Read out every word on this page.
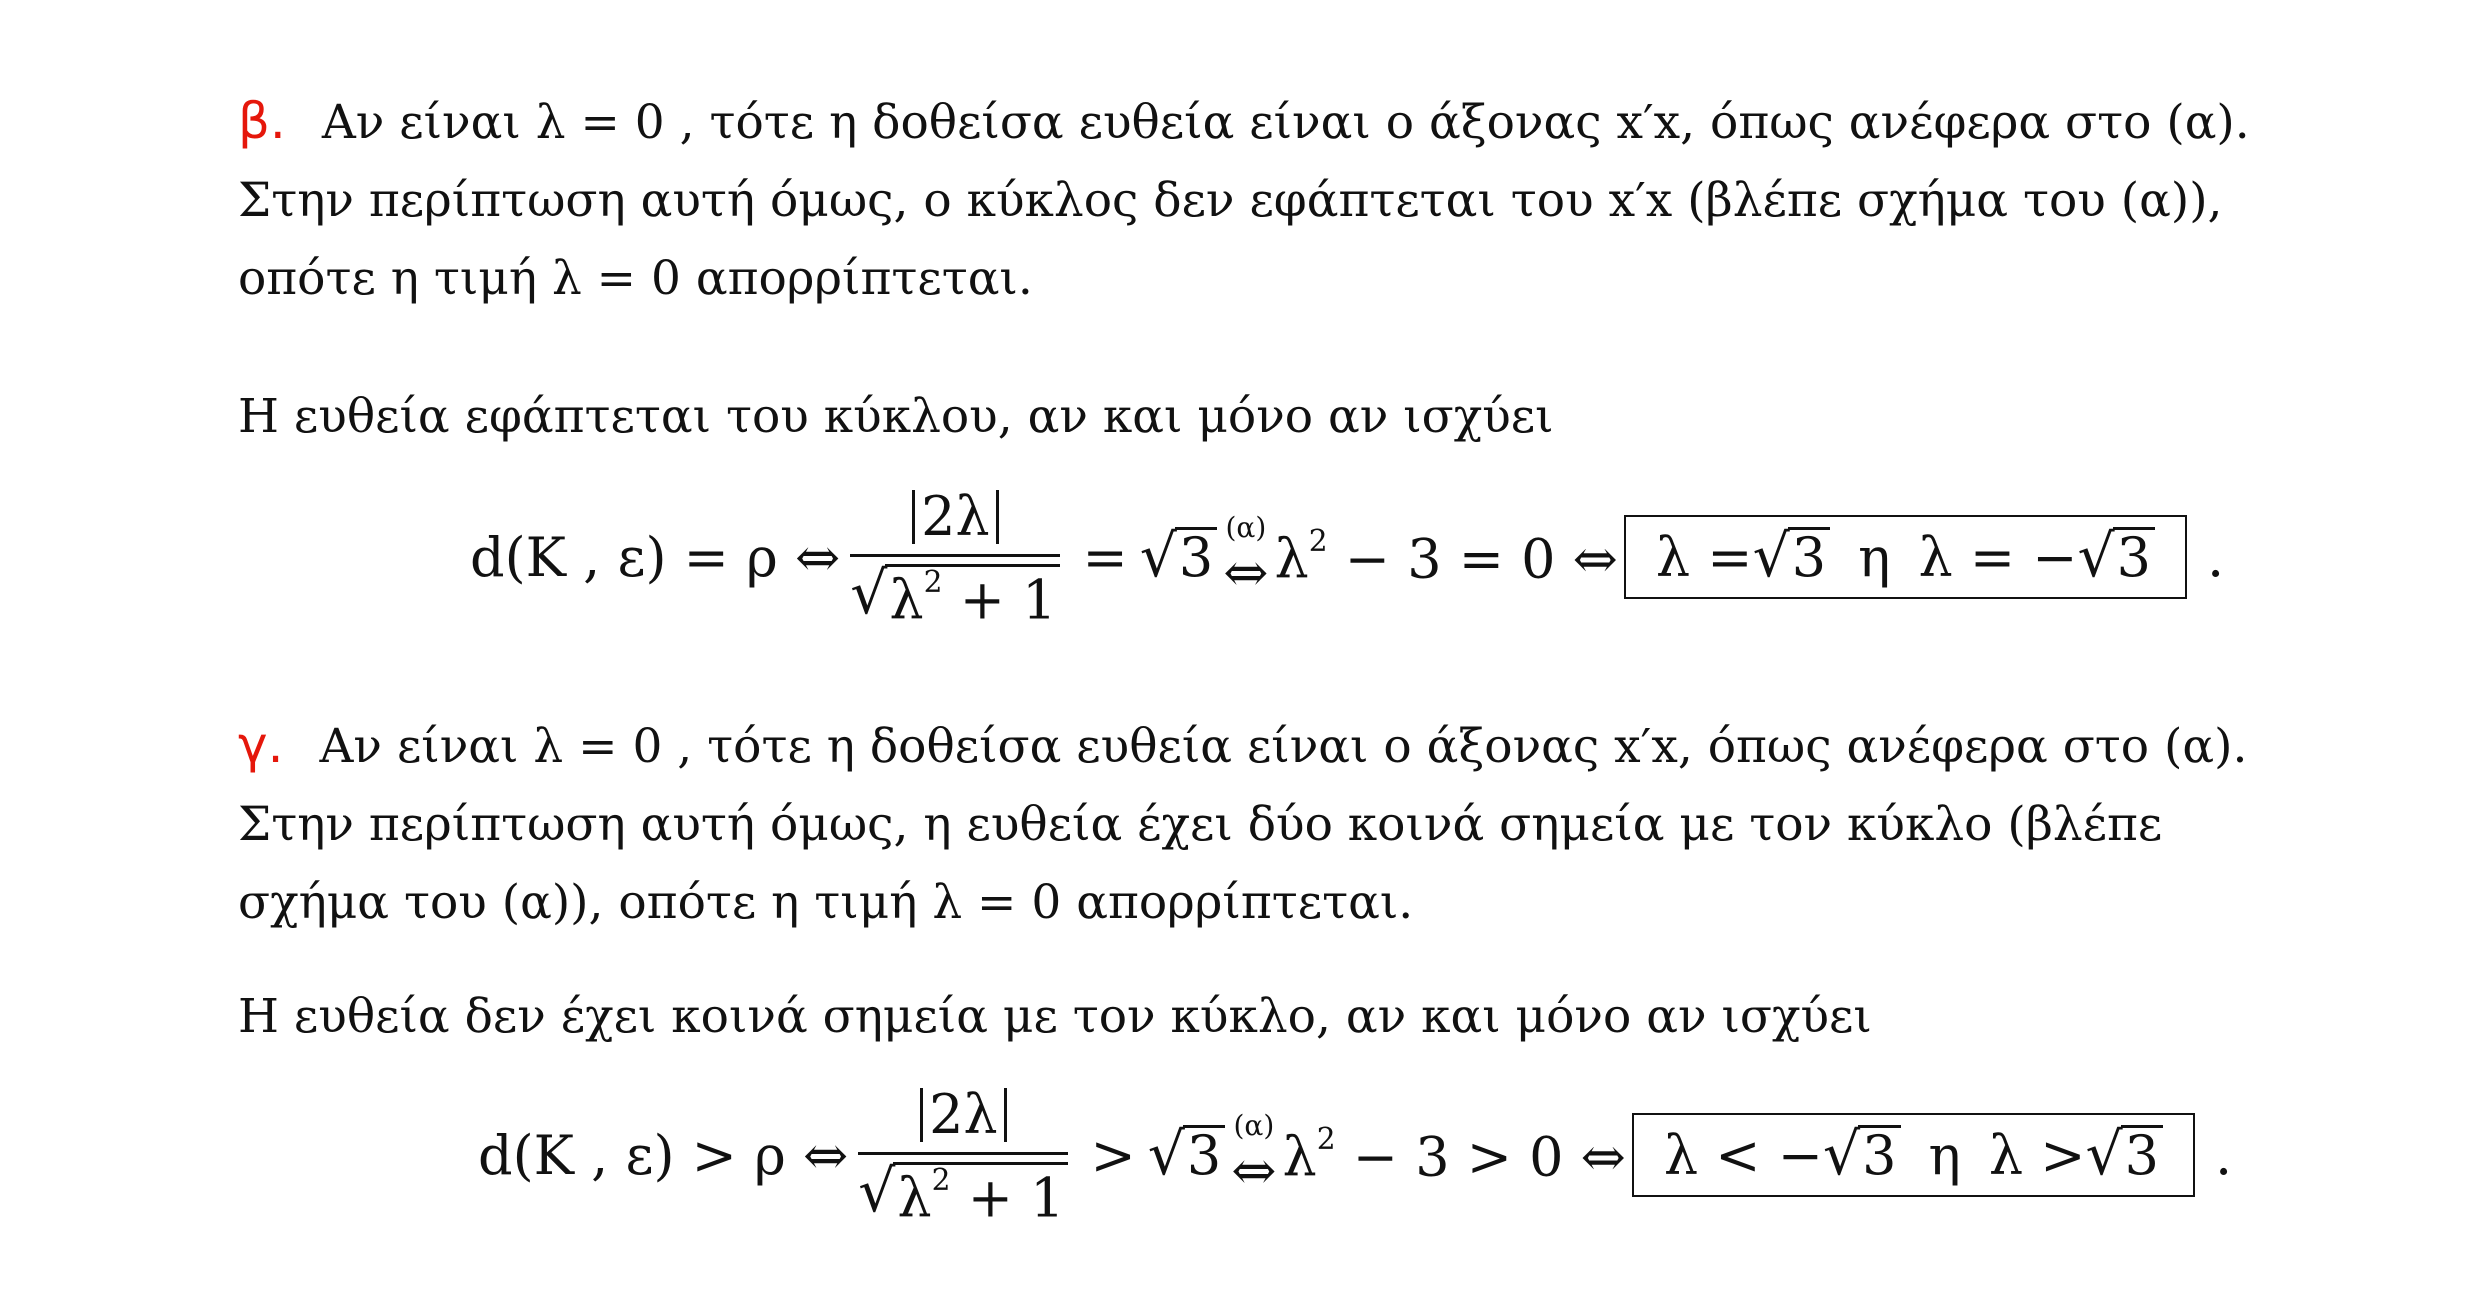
β. Αν είναι λ = 0 , τότε η δοθείσα ευθεία είναι ο άξονας x′x, όπως ανέφερα στο (α).
Στην περίπτωση αυτή όμως, ο κύκλος δεν εφάπτεται του x′x (βλέπε σχήμα του (α)),
οπότε η τιμή λ = 0 απορρίπτεται.
Η ευθεία εφάπτεται του κύκλου, αν και μόνο αν ισχύει
d(K , ε) = ρ ⇔ $\frac{2\lambda}{√ \lambda^2 + 1}$ = √ 3 (α)
⇔ $\lambda^2 - 3 = 0$ ⇔ λ = √ 3 η λ = − √ 3 .
γ. Αν είναι λ = 0 , τότε η δοθείσα ευθεία είναι ο άξονας x′x, όπως ανέφερα στο (α).
Στην περίπτωση αυτή όμως, η ευθεία έχει δύο κοινά σημεία με τον κύκλο (βλέπε
σχήμα του (α)), οπότε η τιμή λ = 0 απορρίπτεται.
Η ευθεία δεν έχει κοινά σημεία με τον κύκλο, αν και μόνο αν ισχύει
d(K , ε) > ρ ⇔ $\frac{2\lambda}{√ \lambda^2 + 1}$ > √ 3 (α)
⇔ $\lambda^2 - 3 > 0$ ⇔ λ < − √ 3 η λ > √ 3 .
